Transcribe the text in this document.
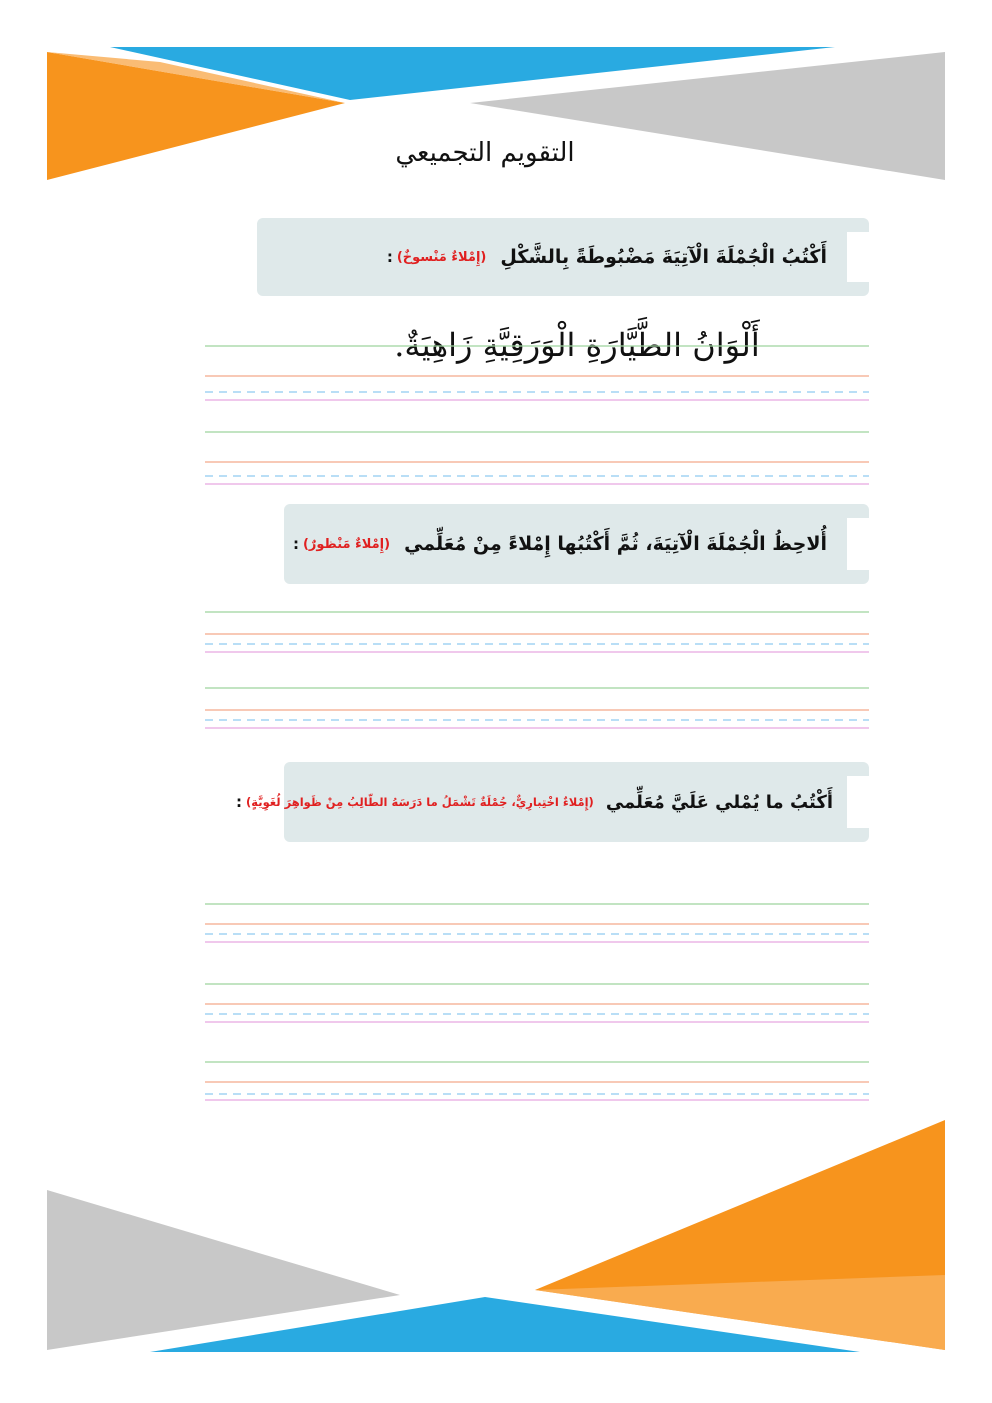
التقويم التجميعي
أَكْتُبُ الْجُمْلَةَ الْآتِيَةَ مَضْبُوطَةً بِالشَّكْلِ
(إِمْلاءٌ مَنْسوخٌ)
:
أَلْوَانُ الطَّيَّارَةِ الْوَرَقِيَّةِ زَاهِيَةٌ.
أُلاحِظُ الْجُمْلَةَ الْآتِيَةَ، ثُمَّ أَكْتُبُها إِمْلاءً مِنْ مُعَلِّمي
(إِمْلاءٌ مَنْظورٌ)
:
أَكْتُبُ ما يُمْلي عَلَيَّ مُعَلِّمي
(إِمْلاءٌ اخْتِبارِيٌّ، جُمْلَةٌ تَشْمَلُ ما دَرَسَهُ الطّالِبُ مِنْ ظَواهِرَ لُغَوِيَّةٍ)
:
